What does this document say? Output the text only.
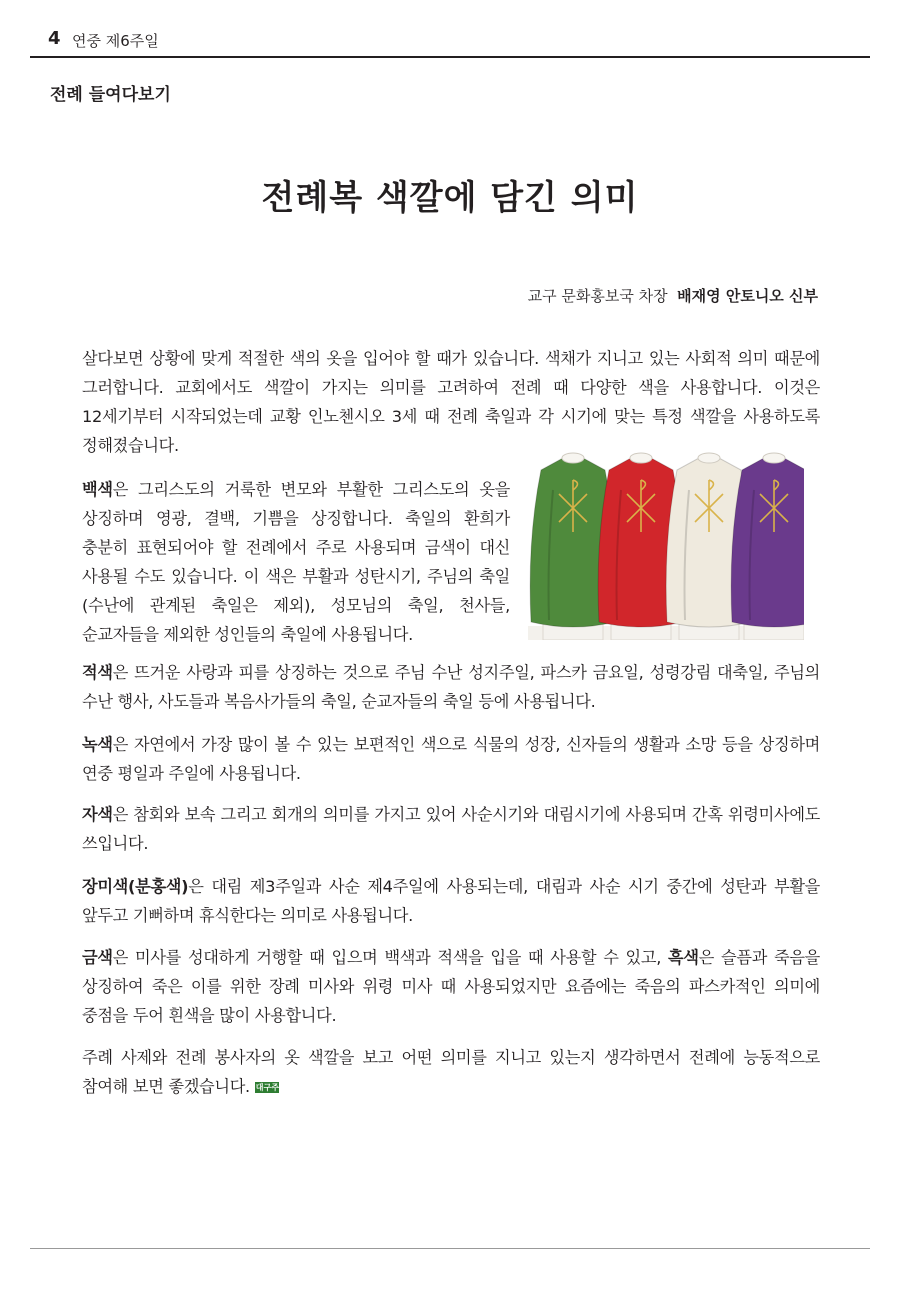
4 연중 제6주일
전례 들여다보기
전례복 색깔에 담긴 의미
교구 문화홍보국 차장 배재영 안토니오 신부

살다보면 상황에 맞게 적절한 색의 옷을 입어야 할 때가 있습니다. 색채가 지니고 있는 사회적 의미 때문에 그러합니다. 교회에서도 색깔이 가지는 의미를 고려하여 전례 때 다양한 색을 사용합니다. 이것은 12세기부터 시작되었는데 교황 인노첸시오 3세 때 전례 축일과 각 시기에 맞는 특정 색깔을 사용하도록 정해졌습니다.

백색은 그리스도의 거룩한 변모와 부활한 그리스도의 옷을 상징하며 영광, 결백, 기쁨을 상징합니다. 축일의 환희가 충분히 표현되어야 할 전례에서 주로 사용되며 금색이 대신 사용될 수도 있습니다. 이 색은 부활과 성탄시기, 주님의 축일(수난에 관계된 축일은 제외), 성모님의 축일, 천사들, 순교자들을 제외한 성인들의 축일에 사용됩니다.

적색은 뜨거운 사랑과 피를 상징하는 것으로 주님 수난 성지주일, 파스카 금요일, 성령강림 대축일, 주님의 수난 행사, 사도들과 복음사가들의 축일, 순교자들의 축일 등에 사용됩니다.

녹색은 자연에서 가장 많이 볼 수 있는 보편적인 색으로 식물의 성장, 신자들의 생활과 소망 등을 상징하며 연중 평일과 주일에 사용됩니다.

자색은 참회와 보속 그리고 회개의 의미를 가지고 있어 사순시기와 대림시기에 사용되며 간혹 위령미사에도 쓰입니다.

장미색(분홍색)은 대림 제3주일과 사순 제4주일에 사용되는데, 대림과 사순 시기 중간에 성탄과 부활을 앞두고 기뻐하며 휴식한다는 의미로 사용됩니다.

금색은 미사를 성대하게 거행할 때 입으며 백색과 적색을 입을 때 사용할 수 있고, 흑색은 슬픔과 죽음을 상징하여 죽은 이를 위한 장례 미사와 위령 미사 때 사용되었지만 요즘에는 죽음의 파스카적인 의미에 중점을 두어 흰색을 많이 사용합니다.

주례 사제와 전례 봉사자의 옷 색깔을 보고 어떤 의미를 지니고 있는지 생각하면서 전례에 능동적으로 참여해 보면 좋겠습니다. 대구주보
